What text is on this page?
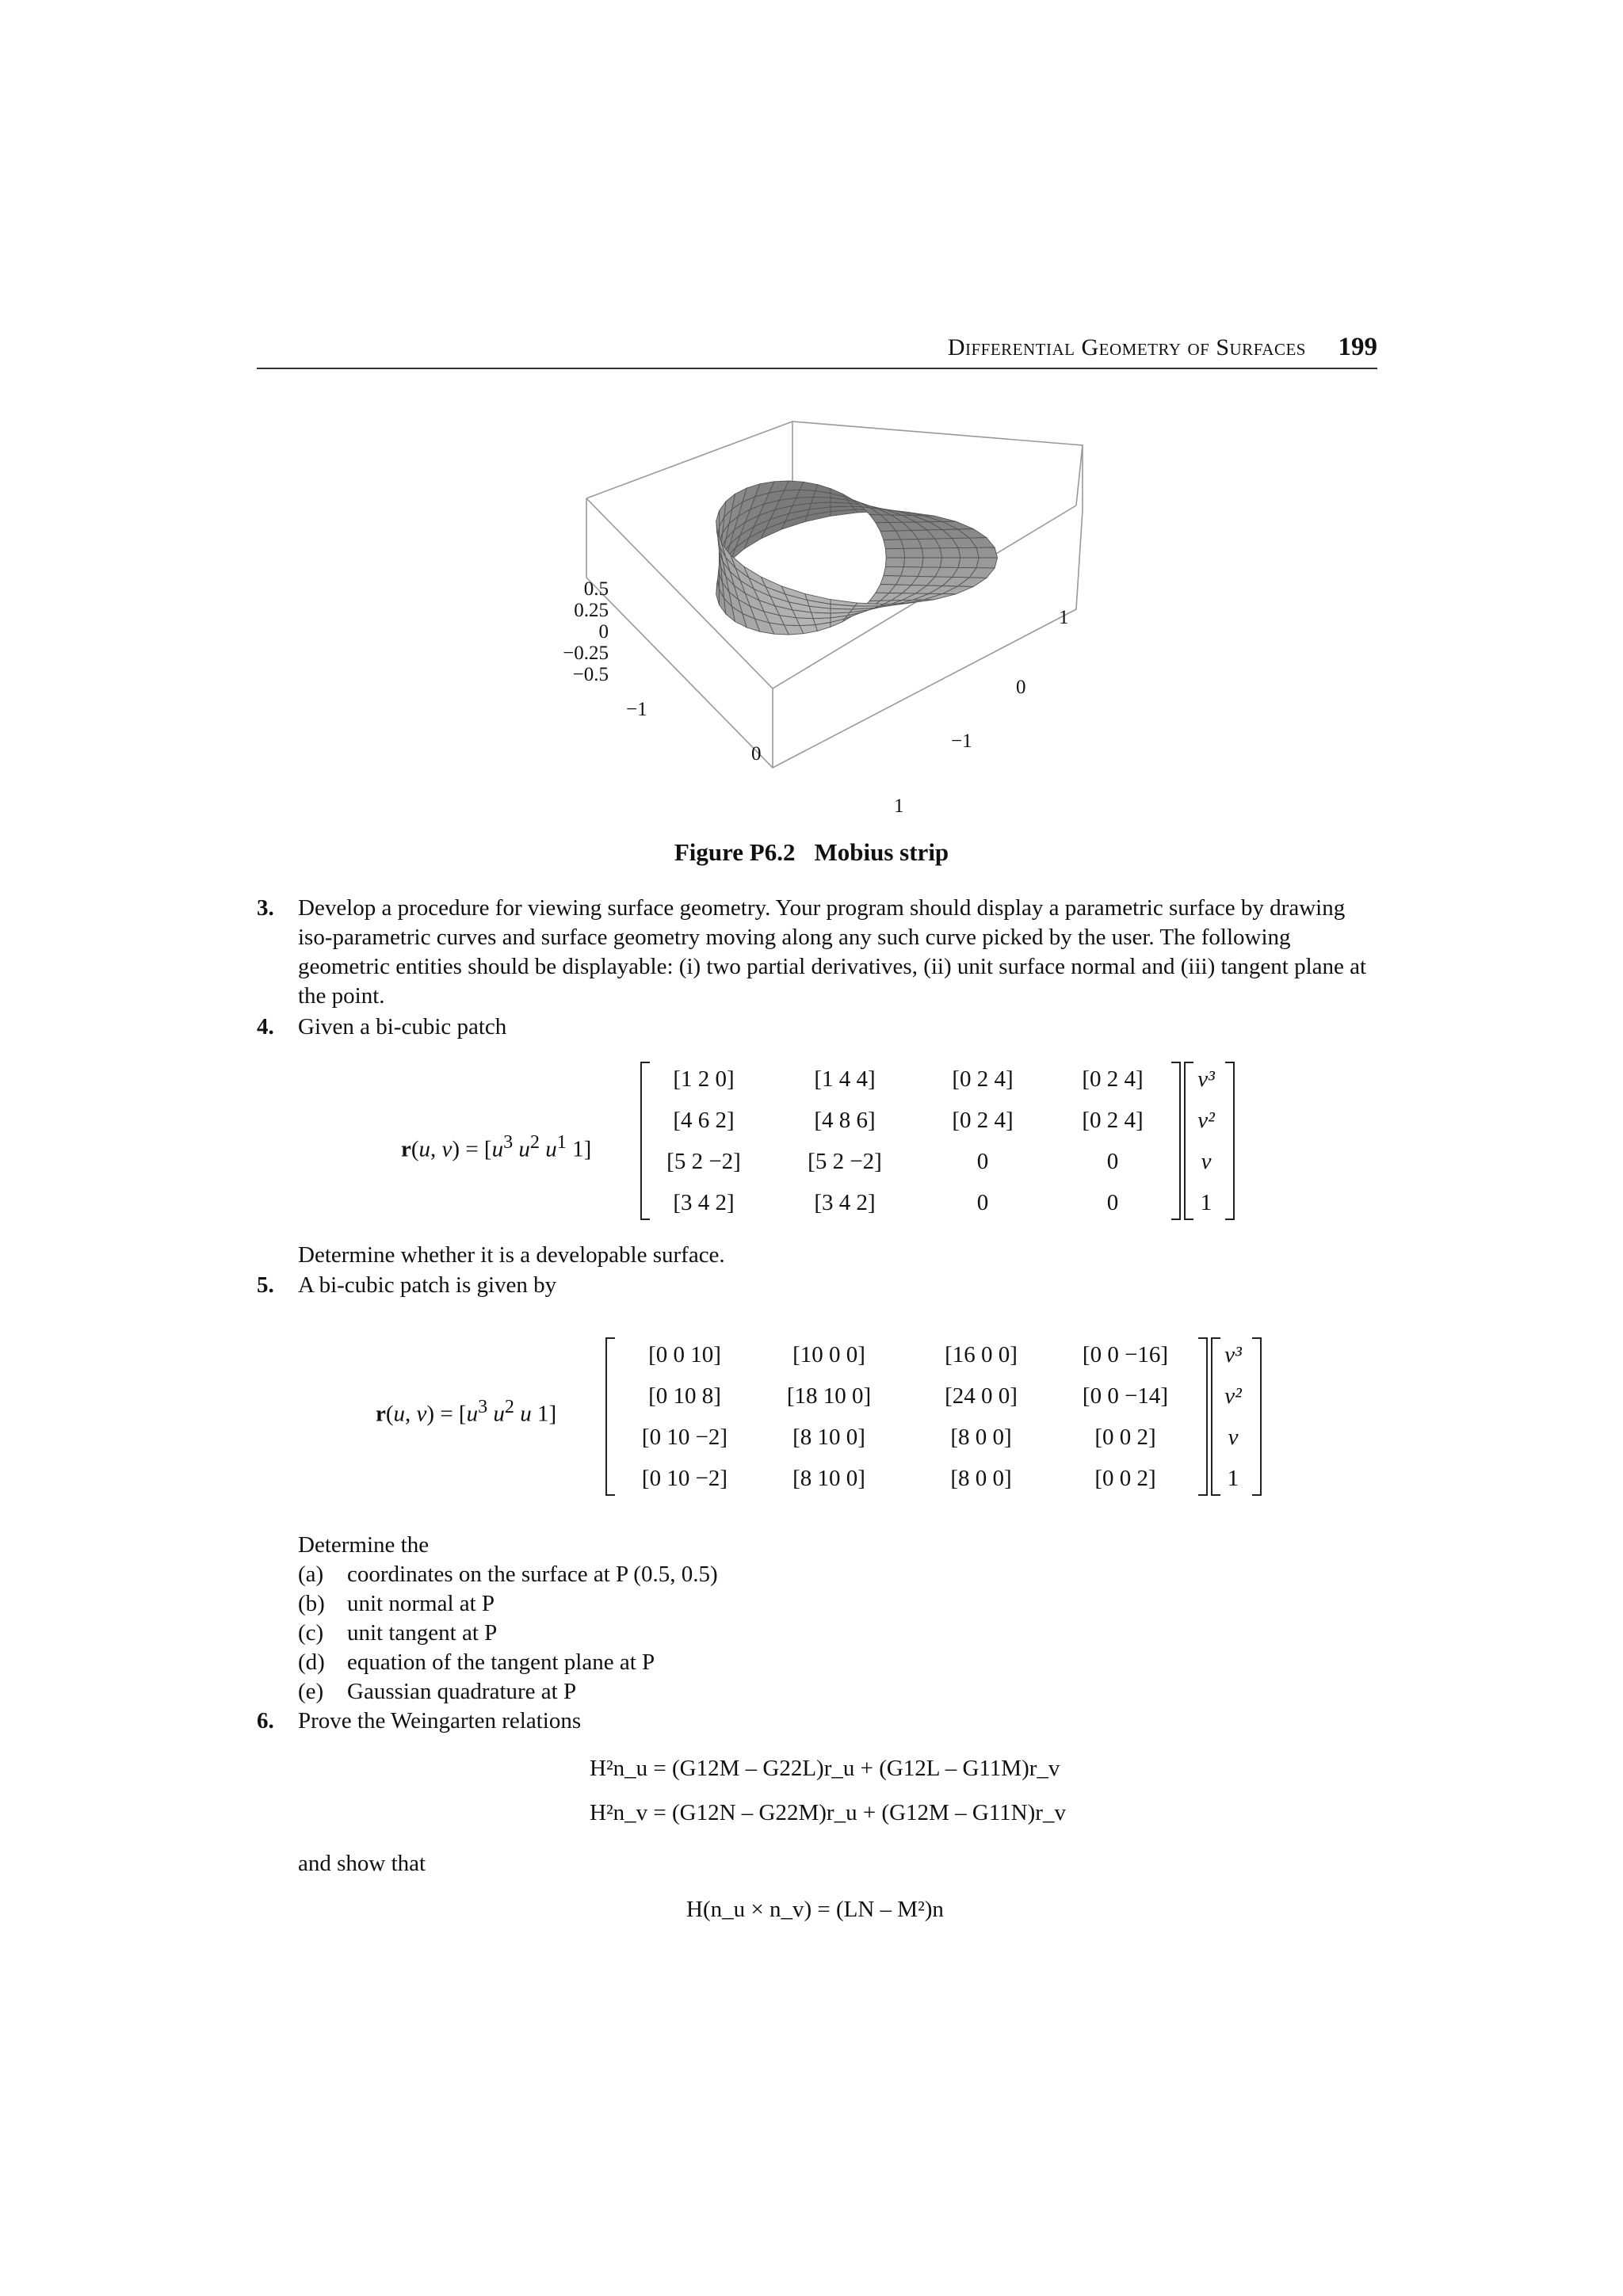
Differential Geometry of Surfaces 199
0.5
0.25
0
−0.25
−0.5
−1
0
1
1
0
−1
Figure P6.2 Mobius strip
3. Develop a procedure for viewing surface geometry. Your program should display a parametric surface by drawing iso-parametric curves and surface geometry moving along any such curve picked by the user. The following geometric entities should be displayable: (i) two partial derivatives, (ii) unit surface normal and (iii) tangent plane at the point.
4. Given a bi-cubic patch
r(u, $v) = [u^3$ $u^2$ $u^1$ 1]
[1 2 0]	[1 4 4]	[0 2 4]	[0 2 4]
[4 6 2]	[4 8 6]	[0 2 4]	[0 2 4]
[5 2 −2]	[5 2 −2]	0	0
[3 4 2]	[3 4 2]	0	0
v³
v²
v
1
Determine whether it is a developable surface.
5. A bi-cubic patch is given by
r(u, $v) = [u^3$ $u^2$ u 1]
[0 0 10]	[10 0 0]	[16 0 0]	[0 0 −16]
[0 10 8]	[18 10 0]	[24 0 0]	[0 0 −14]
[0 10 −2]	[8 10 0]	[8 0 0]	[0 0 2]
[0 10 −2]	[8 10 0]	[8 0 0]	[0 0 2]
v³
v²
v
1
Determine the
(a) coordinates on the surface at P (0.5, 0.5)
(b) unit normal at P
(c) unit tangent at P
(d) equation of the tangent plane at P
(e) Gaussian quadrature at P
6. Prove the Weingarten relations
H²n_u = (G12M – G22L)r_u + (G12L – G11M)r_v
H²n_v = (G12N – G22M)r_u + (G12M – G11N)r_v
and show that
H(n_u × n_v) = (LN – M²)n
